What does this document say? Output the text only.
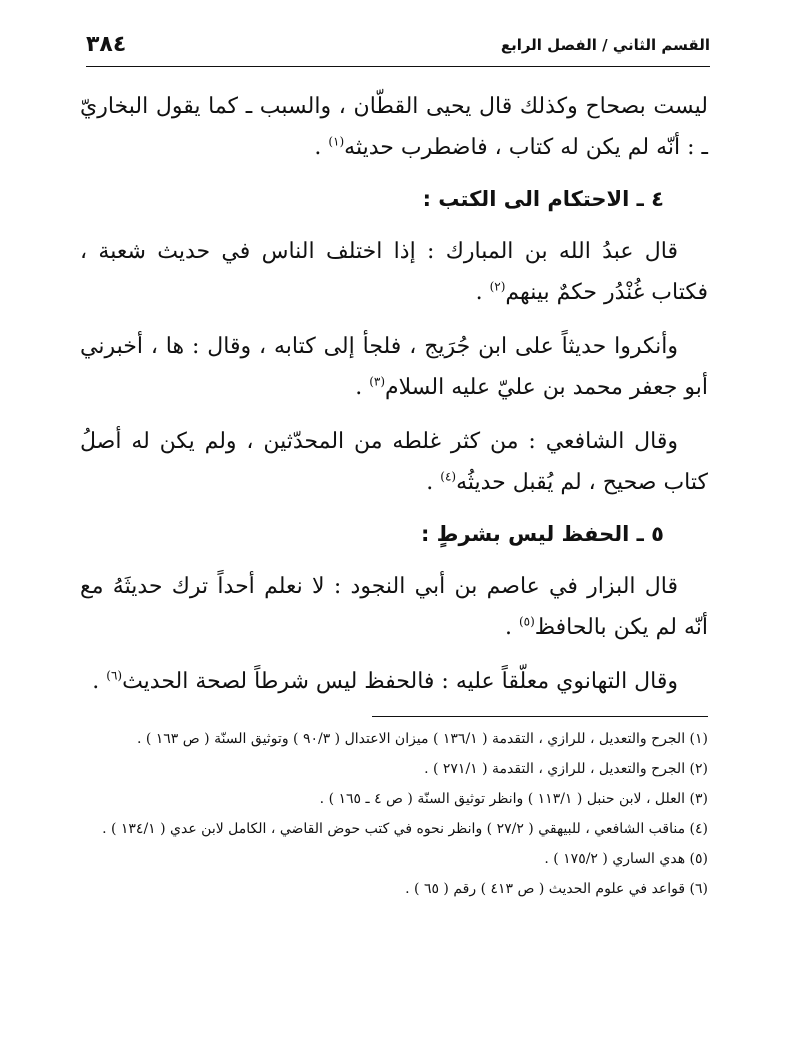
القسم الثاني / الفصل الرابع
٣٨٤

ليست بصحاح وكذلك قال يحيى القطّان ، والسبب ـ كما يقول البخاريّ ـ : أنّه لم يكن له كتاب ، فاضطرب حديثه$^{(١)}$ .

٤ ـ الاحتكام الى الكتب :

قال عبدُ الله بن المبارك : إذا اختلف الناس في حديث شعبة ، فكتاب غُنْدُر حكمٌ بينهم$^{(٢)}$ .

وأنكروا حديثاً على ابن جُرَيج ، فلجأ إلى كتابه ، وقال : ها ، أخبرني أبو جعفر محمد بن عليّ عليه السلام$^{(٣)}$ .

وقال الشافعي : من كثر غلطه من المحدّثين ، ولم يكن له أصلُ كتاب صحيح ، لم يُقبل حديثُه$^{(٤)}$ .

٥ ـ الحفظ ليس بشرطٍ :

قال البزار في عاصم بن أبي النجود : لا نعلم أحداً ترك حديثَهُ مع أنّه لم يكن بالحافظ$^{(٥)}$ .

وقال التهانوي معلّقاً عليه : فالحفظ ليس شرطاً لصحة الحديث$^{(٦)}$ .

(١) الجرح والتعديل ، للرازي ، التقدمة ( ١٣٦/١ ) ميزان الاعتدال ( ٩٠/٣ ) وتوثيق السنّة ( ص ١٦٣ ) .

(٢) الجرح والتعديل ، للرازي ، التقدمة ( ٢٧١/١ ) .

(٣) العلل ، لابن حنبل ( ١١٣/١ ) وانظر توثيق السنّة ( ص ٤ ـ ١٦٥ ) .

(٤) مناقب الشافعي ، للبيهقي ( ٢٧/٢ ) وانظر نحوه في كتب حوض القاضي ، الكامل لابن عدي ( ١٣٤/١ ) .

(٥) هدي الساري ( ١٧٥/٢ ) .

(٦) قواعد في علوم الحديث ( ص ٤١٣ ) رقم ( ٦٥ ) .
